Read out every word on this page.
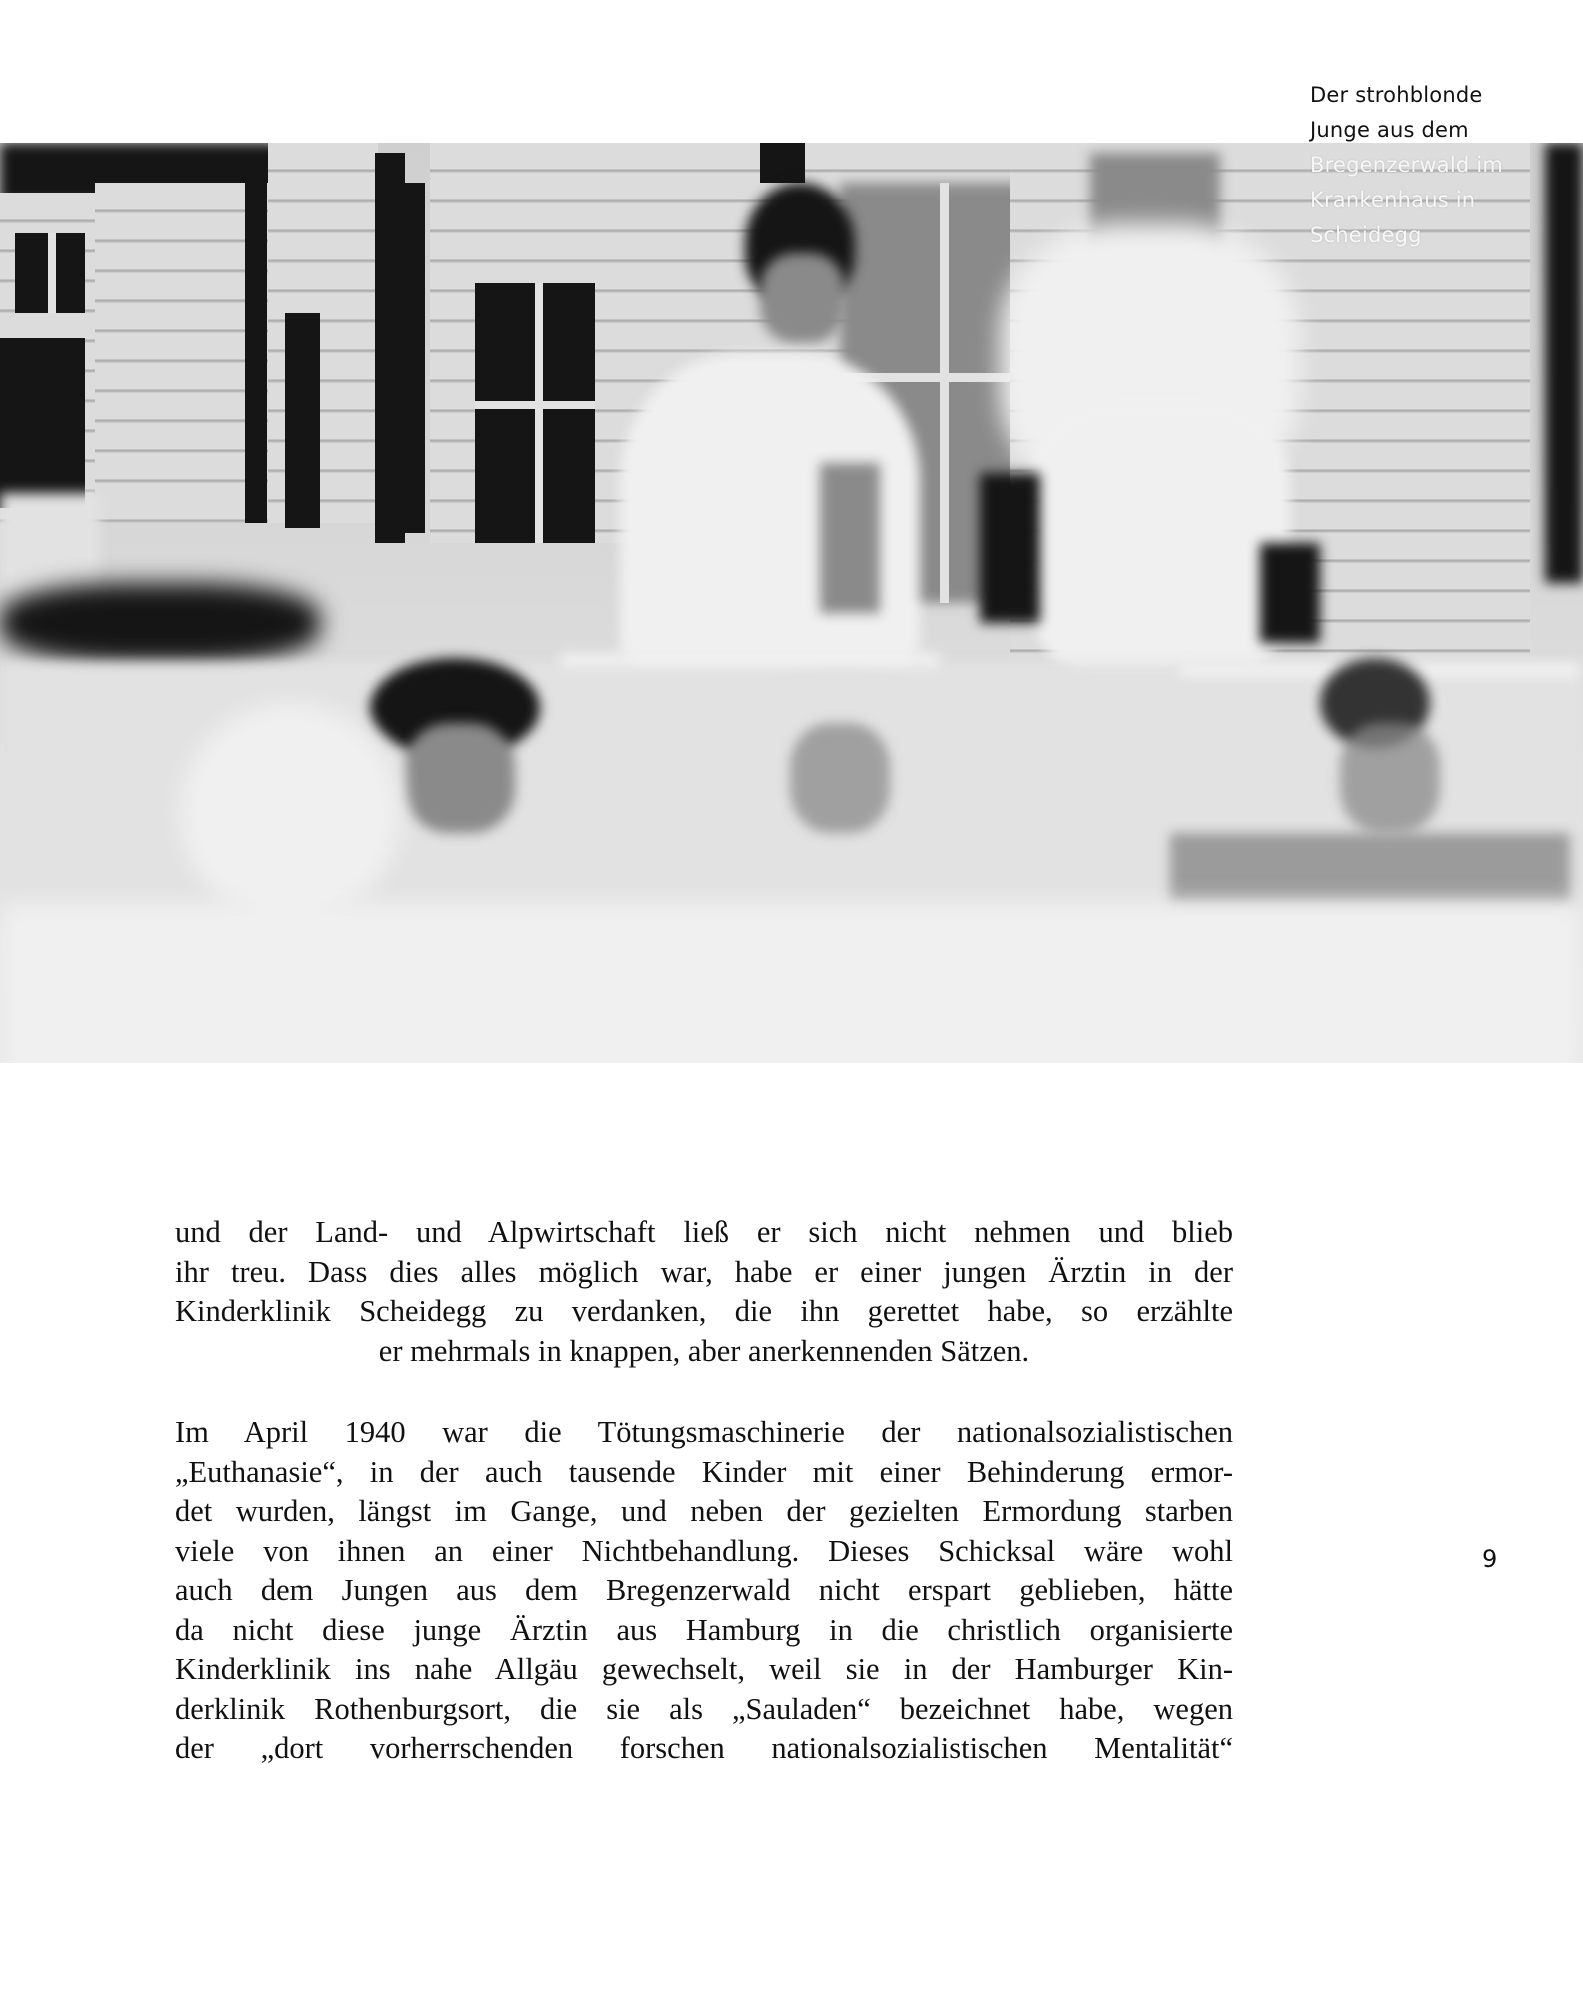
Der strohblonde
Junge aus dem
Bregenzerwald im
Krankenhaus in
Scheidegg
und der Land- und Alpwirtschaft ließ er sich nicht nehmen und blieb
ihr treu. Dass dies alles möglich war, habe er einer jungen Ärztin in der
Kinderklinik Scheidegg zu verdanken, die ihn gerettet habe, so erzählte
er mehrmals in knappen, aber anerkennenden Sätzen.
Im April 1940 war die Tötungsmaschinerie der nationalsozialistischen
„Euthanasie“, in der auch tausende Kinder mit einer Behinderung ermor-
det wurden, längst im Gange, und neben der gezielten Ermordung starben
viele von ihnen an einer Nichtbehandlung. Dieses Schicksal wäre wohl
auch dem Jungen aus dem Bregenzerwald nicht erspart geblieben, hätte
da nicht diese junge Ärztin aus Hamburg in die christlich organisierte
Kinderklinik ins nahe Allgäu gewechselt, weil sie in der Hamburger Kin-
derklinik Rothenburgsort, die sie als „Sauladen“ bezeichnet habe, wegen
der „dort vorherrschenden forschen nationalsozialistischen Mentalität“
9
